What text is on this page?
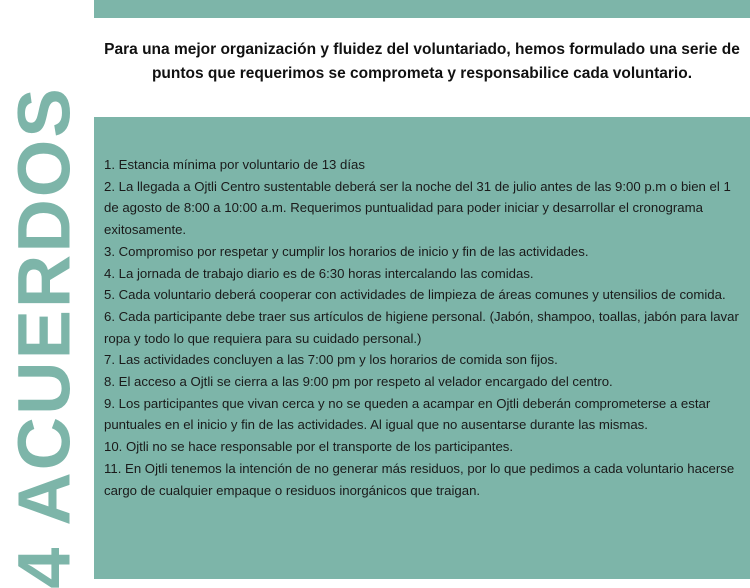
Para una mejor organización y fluidez del voluntariado, hemos formulado una serie de puntos que requerimos se comprometa y responsabilice cada voluntario.
4 ACUERDOS 1. Estancia mínima por voluntario de 13 días
2. La llegada a Ojtli Centro sustentable deberá ser la noche del 31 de julio antes de las 9:00 p.m o bien el 1 de agosto de 8:00 a 10:00 a.m. Requerimos puntualidad para poder iniciar y desarrollar el cronograma exitosamente.
3. Compromiso por respetar y cumplir los horarios de inicio y fin de las actividades.
4. La jornada de trabajo diario es de 6:30 horas intercalando las comidas.
5. Cada voluntario deberá cooperar con actividades de limpieza de áreas comunes y utensilios de comida.
6. Cada participante debe traer sus artículos de higiene personal. (Jabón, shampoo, toallas, jabón para lavar ropa y todo lo que requiera para su cuidado personal.)
7. Las actividades concluyen a las 7:00 pm y los horarios de comida son fijos.
8. El acceso a Ojtli se cierra a las 9:00 pm por respeto al velador encargado del centro.
9. Los participantes que vivan cerca y no se queden a acampar en Ojtli deberán comprometerse a estar puntuales en el inicio y fin de las actividades. Al igual que no ausentarse durante las mismas.
10. Ojtli no se hace responsable por el transporte de los participantes.
11. En Ojtli tenemos la intención de no generar más residuos, por lo que pedimos a cada voluntario hacerse cargo de cualquier empaque o residuos inorgánicos que traigan.
